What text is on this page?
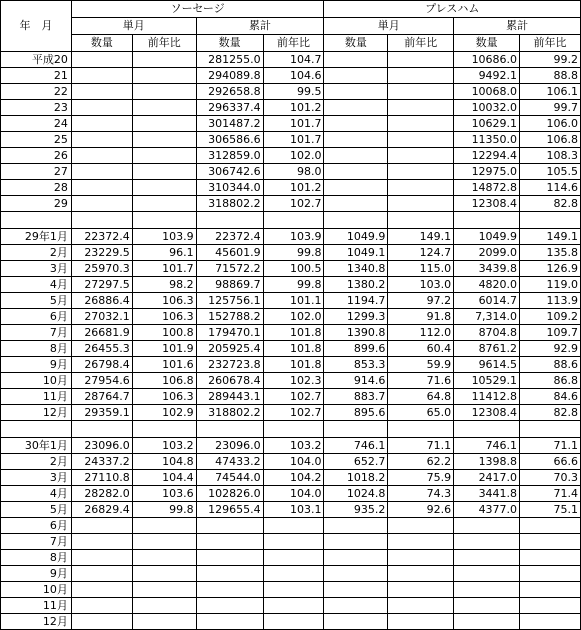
年　月	ソーセージ				プレスハム			
	単月		累計		単月		累計	
	数量	前年比	数量	前年比	数量	前年比	数量	前年比
平成20			281255.0	104.7			10686.0	99.2
21			294089.8	104.6			9492.1	88.8
22			292658.8	99.5			10068.0	106.1
23			296337.4	101.2			10032.0	99.7
24			301487.2	101.7			10629.1	106.0
25			306586.6	101.7			11350.0	106.8
26			312859.0	102.0			12294.4	108.3
27			306742.6	98.0			12975.0	105.5
28			310344.0	101.2			14872.8	114.6
29			318802.2	102.7			12308.4	82.8

29年1月	22372.4	103.9	22372.4	103.9	1049.9	149.1	1049.9	149.1
2月	23229.5	96.1	45601.9	99.8	1049.1	124.7	2099.0	135.8
3月	25970.3	101.7	71572.2	100.5	1340.8	115.0	3439.8	126.9
4月	27297.5	98.2	98869.7	99.8	1380.2	103.0	4820.0	119.0
5月	26886.4	106.3	125756.1	101.1	1194.7	97.2	6014.7	113.9
6月	27032.1	106.3	152788.2	102.0	1299.3	91.8	7,314.0	109.2
7月	26681.9	100.8	179470.1	101.8	1390.8	112.0	8704.8	109.7
8月	26455.3	101.9	205925.4	101.8	899.6	60.4	8761.2	92.9
9月	26798.4	101.6	232723.8	101.8	853.3	59.9	9614.5	88.6
10月	27954.6	106.8	260678.4	102.3	914.6	71.6	10529.1	86.8
11月	28764.7	106.3	289443.1	102.7	883.7	64.8	11412.8	84.6
12月	29359.1	102.9	318802.2	102.7	895.6	65.0	12308.4	82.8

30年1月	23096.0	103.2	23096.0	103.2	746.1	71.1	746.1	71.1
2月	24337.2	104.8	47433.2	104.0	652.7	62.2	1398.8	66.6
3月	27110.8	104.4	74544.0	104.2	1018.2	75.9	2417.0	70.3
4月	28282.0	103.6	102826.0	104.0	1024.8	74.3	3441.8	71.4
5月	26829.4	99.8	129655.4	103.1	935.2	92.6	4377.0	75.1
6月								
7月								
8月								
9月								
10月								
11月								
12月								
